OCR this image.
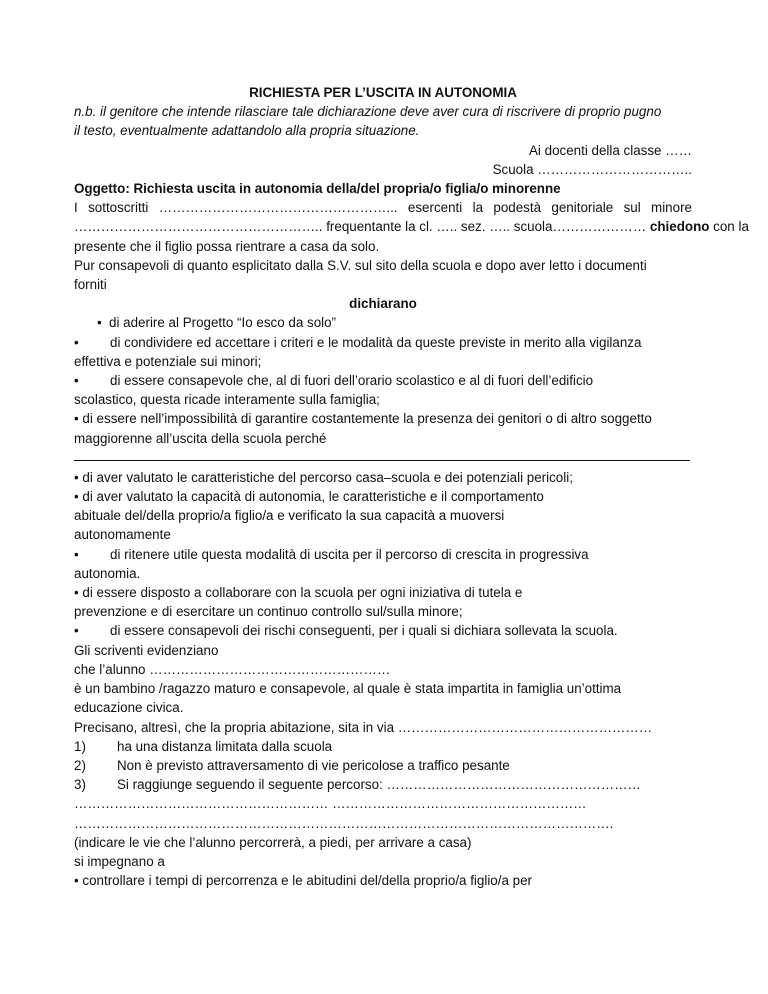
RICHIESTA PER L’USCITA IN AUTONOMIA
n.b. il genitore che intende rilasciare tale dichiarazione deve aver cura di riscrivere di proprio pugno
il testo, eventualmente adattandolo alla propria situazione.
Ai docenti della classe ……
Scuola ……………………………..
Oggetto: Richiesta uscita in autonomia della/del propria/o figlia/o minorenne
I sottoscritti ……………………………………………... esercenti la podestà genitoriale sul minore
……………………………………………….. frequentante la cl. ….. sez. ….. scuola………………… chiedono con la
presente che il figlio possa rientrare a casa da solo.
Pur consapevoli di quanto esplicitato dalla S.V. sul sito della scuola e dopo aver letto i documenti
forniti
dichiarano
• di aderire al Progetto “Io esco da solo”
•	di condividere ed accettare i criteri e le modalità da queste previste in merito alla vigilanza
effettiva e potenziale sui minori;
•	di essere consapevole che, al di fuori dell’orario scolastico e al di fuori dell’edificio
scolastico, questa ricade interamente sulla famiglia;
• di essere nell’impossibilità di garantire costantemente la presenza dei genitori o di altro soggetto
maggiorenne all’uscita della scuola perché
• di aver valutato le caratteristiche del percorso casa–scuola e dei potenziali pericoli;
• di aver valutato la capacità di autonomia, le caratteristiche e il comportamento
abituale del/della proprio/a figlio/a e verificato la sua capacità a muoversi
autonomamente
•	di ritenere utile questa modalità di uscita per il percorso di crescita in progressiva
autonomia.
• di essere disposto a collaborare con la scuola per ogni iniziativa di tutela e
prevenzione e di esercitare un continuo controllo sul/sulla minore;
•	di essere consapevoli dei rischi conseguenti, per i quali si dichiara sollevata la scuola.
Gli scriventi evidenziano
che l’alunno ………………………………………………
è un bambino /ragazzo maturo e consapevole, al quale è stata impartita in famiglia un’ottima
educazione civica.
Precisano, altresì, che la propria abitazione, sita in via …………………………………………………
1)	ha una distanza limitata dalla scuola
2)	Non è previsto attraversamento di vie pericolose a traffico pesante
3)	Si raggiunge seguendo il seguente percorso: …………………………………………………
………………………………………………… …………………………………………………
………………………………………………………………………………………………………….
(indicare le vie che l’alunno percorrerà, a piedi, per arrivare a casa)
si impegnano a
• controllare i tempi di percorrenza e le abitudini del/della proprio/a figlio/a per
